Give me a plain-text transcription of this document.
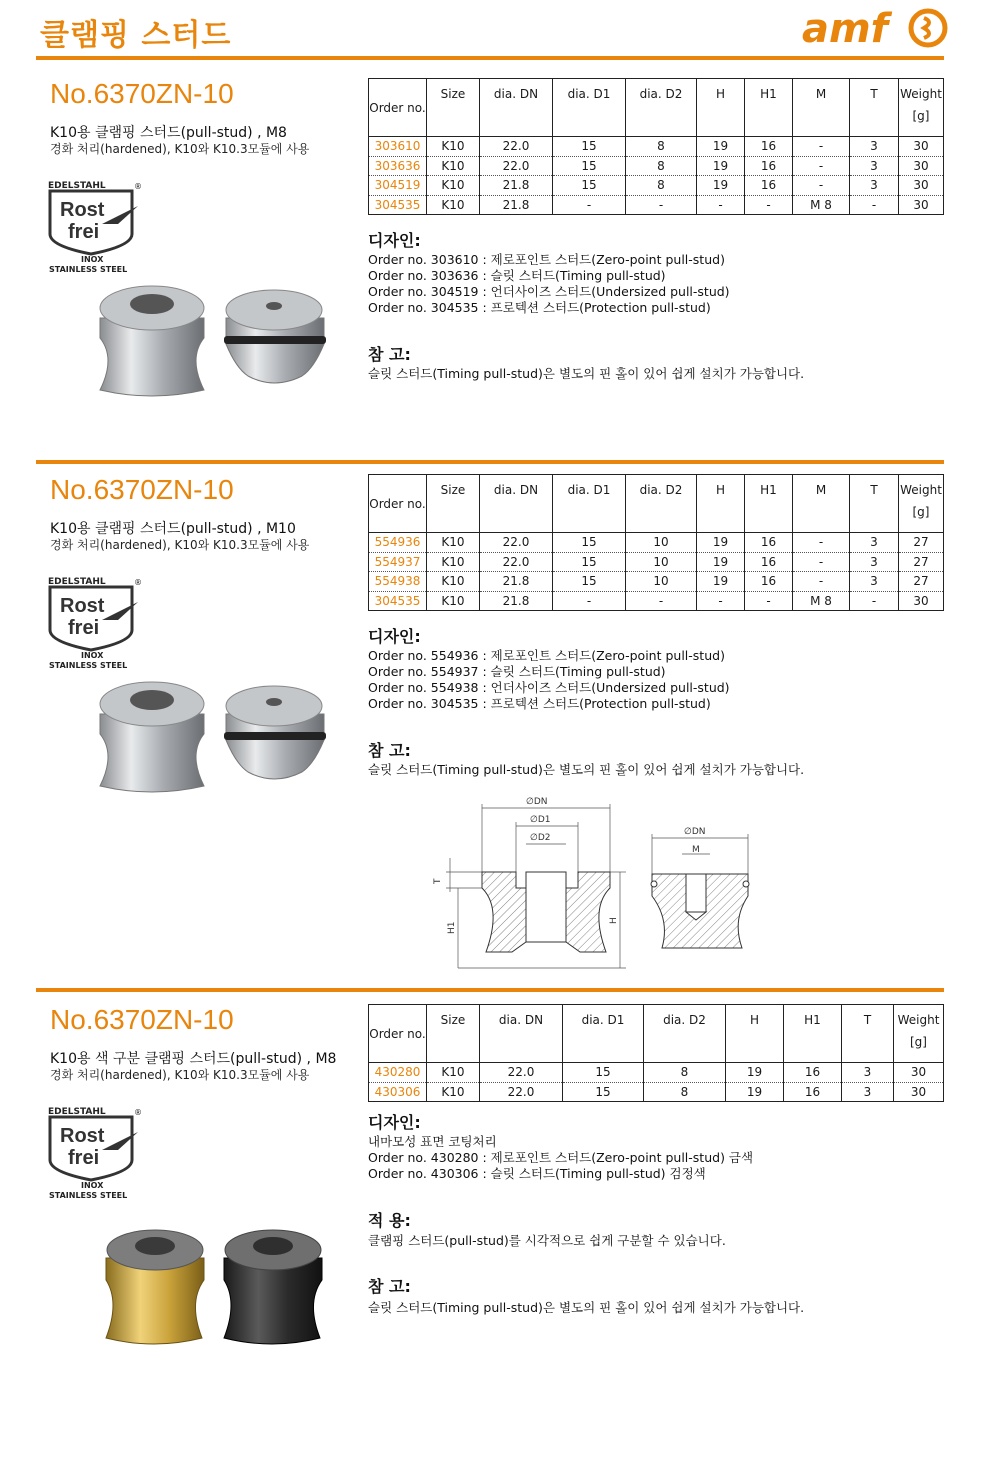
클램핑 스터드	amf
No.6370ZN-10
K10용 클램핑 스터드(pull-stud) , M8
경화 처리(hardened), K10와 K10.3모듈에 사용
EDELSTAHL	®
Rost
frei
INOX
STAINLESS STEEL
Order no.	Size	dia. DN	dia. D1	dia. D2	H	H1	M	T	Weight
[g]

303610	K10	22.0	15	8	19	16	-	3	30
303636	K10	22.0	15	8	19	16	-	3	30
304519	K10	21.8	15	8	19	16	-	3	30
304535	K10	21.8	-	-	-	-	M 8	-	30
디자인:
Order no. 303610 : 제로포인트 스터드(Zero-point pull-stud)
Order no. 303636 : 슬릿 스터드(Timing pull-stud)
Order no. 304519 : 언더사이즈 스터드(Undersized pull-stud)
Order no. 304535 : 프로텍션 스터드(Protection pull-stud)
참 고:
슬릿 스터드(Timing pull-stud)은 별도의 핀 홀이 있어 쉽게 설치가 가능합니다.
No.6370ZN-10
K10용 클램핑 스터드(pull-stud) , M10
경화 처리(hardened), K10와 K10.3모듈에 사용
EDELSTAHL	®
Rost
frei
INOX
STAINLESS STEEL
Order no.	Size	dia. DN	dia. D1	dia. D2	H	H1	M	T	Weight
[g]

554936	K10	22.0	15	10	19	16	-	3	27
554937	K10	22.0	15	10	19	16	-	3	27
554938	K10	21.8	15	10	19	16	-	3	27
304535	K10	21.8	-	-	-	-	M 8	-	30
디자인:
Order no. 554936 : 제로포인트 스터드(Zero-point pull-stud)
Order no. 554937 : 슬릿 스터드(Timing pull-stud)
Order no. 554938 : 언더사이즈 스터드(Undersized pull-stud)
Order no. 304535 : 프로텍션 스터드(Protection pull-stud)
참 고:
슬릿 스터드(Timing pull-stud)은 별도의 핀 홀이 있어 쉽게 설치가 가능합니다.
∅DN
∅D1
∅D2
T
H1
H
∅DN
M
No.6370ZN-10
K10용 색 구분 클램핑 스터드(pull-stud) , M8
경화 처리(hardened), K10와 K10.3모듈에 사용
EDELSTAHL	®
Rost
frei
INOX
STAINLESS STEEL
Order no.	Size	dia. DN	dia. D1	dia. D2	H	H1	T	Weight
[g]

430280	K10	22.0	15	8	19	16	3	30
430306	K10	22.0	15	8	19	16	3	30
디자인:
내마모성 표면 코팅처리
Order no. 430280 : 제로포인트 스터드(Zero-point pull-stud) 금색
Order no. 430306 : 슬릿 스터드(Timing pull-stud) 검정색
적 용:
클램핑 스터드(pull-stud)를 시각적으로 쉽게 구분할 수 있습니다.
참 고:
슬릿 스터드(Timing pull-stud)은 별도의 핀 홀이 있어 쉽게 설치가 가능합니다.
